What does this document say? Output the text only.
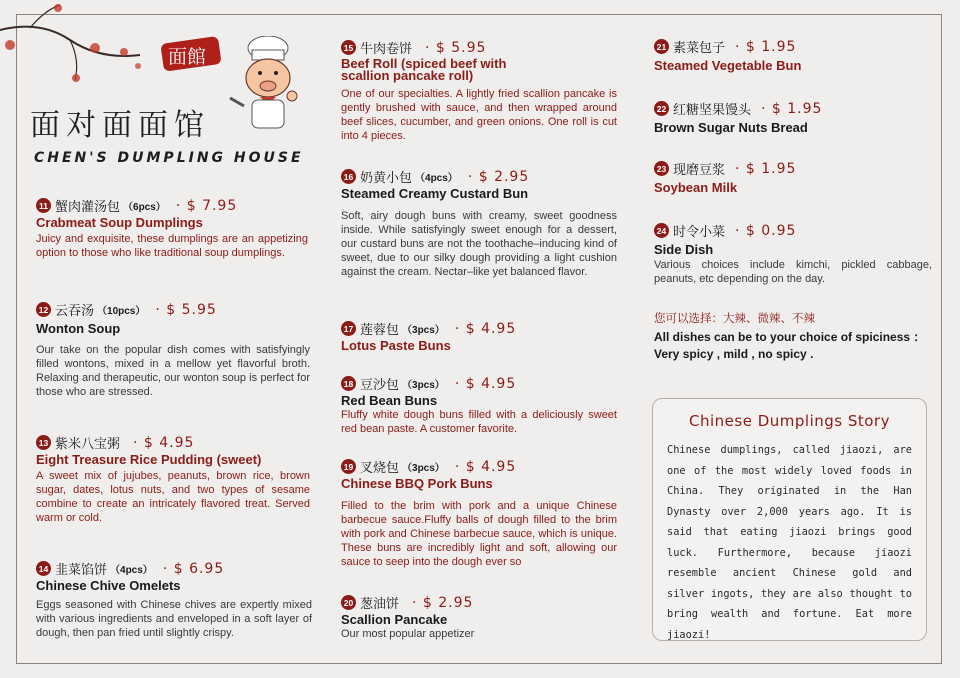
面館
面对面面馆
CHEN'S DUMPLING HOUSE
11 蟹肉灌汤包 （6pcs） · $ 7.95
Crabmeat Soup Dumplings
Juicy and exquisite, these dumplings are an appetizing option to those who like traditional soup dumplings.
12 云吞汤 （10pcs） · $ 5.95
Wonton Soup
Our take on the popular dish comes with satisfyingly filled wontons, mixed in a mellow yet flavorful broth. Relaxing and therapeutic, our wonton soup is perfect for those who are stressed.
13 紫米八宝粥 · $ 4.95
Eight Treasure Rice Pudding (sweet)
A sweet mix of jujubes, peanuts, brown rice, brown sugar, dates, lotus nuts, and two types of sesame combine to create an intricately flavored treat. Served warm or cold.
14 韭菜馅饼 （4pcs） · $ 6.95
Chinese Chive Omelets
Eggs seasoned with Chinese chives are expertly mixed with various ingredients and enveloped in a soft layer of dough, then pan fried until slightly crispy.
15 牛肉卷饼 · $ 5.95
Beef Roll (spiced beef with scallion pancake roll)
One of our specialties. A lightly fried scallion pancake is gently brushed with sauce, and then wrapped around beef slices, cucumber, and green onions. One roll is cut into 4 pieces.
16 奶黄小包 （4pcs） · $ 2.95
Steamed Creamy Custard Bun
Soft, airy dough buns with creamy, sweet goodness inside. While satisfyingly sweet enough for a dessert, our custard buns are not the toothache–inducing kind of sweet, due to our silky dough providing a light cushion against the cream. Nectar–like yet balanced flavor.
17 莲蓉包 （3pcs） · $ 4.95
Lotus Paste Buns
18 豆沙包 （3pcs） · $ 4.95
Red Bean Buns
Fluffy white dough buns filled with a deliciously sweet red bean paste. A customer favorite.
19 叉烧包 （3pcs） · $ 4.95
Chinese BBQ Pork Buns
Filled to the brim with pork and a unique Chinese barbecue sauce.Fluffy balls of dough filled to the brim with pork and Chinese barbecue sauce, which is unique. These buns are incredibly light and soft, allowing our sauce to seep into the dough ever so
20 葱油饼 · $ 2.95
Scallion Pancake
Our most popular appetizer
21 素菜包子 · $ 1.95
Steamed Vegetable Bun
22 红糖坚果馒头 · $ 1.95
Brown Sugar Nuts Bread
23 现磨豆浆 · $ 1.95
Soybean Milk
24 时令小菜 · $ 0.95
Side Dish
Various choices include kimchi, pickled cabbage, peanuts, etc depending on the day.
您可以选择：大辣、微辣、不辣
All dishes can be to your choice of spiciness ： Very spicy , mild , no spicy .
Chinese Dumplings Story
Chinese dumplings, called jiaozi, are one of the most widely loved foods in China. They originated in the Han Dynasty over 2,000 years ago. It is said that eating jiaozi brings good luck. Furthermore, because jiaozi resemble ancient Chinese gold and silver ingots, they are also thought to bring wealth and fortune. Eat more jiaozi!
